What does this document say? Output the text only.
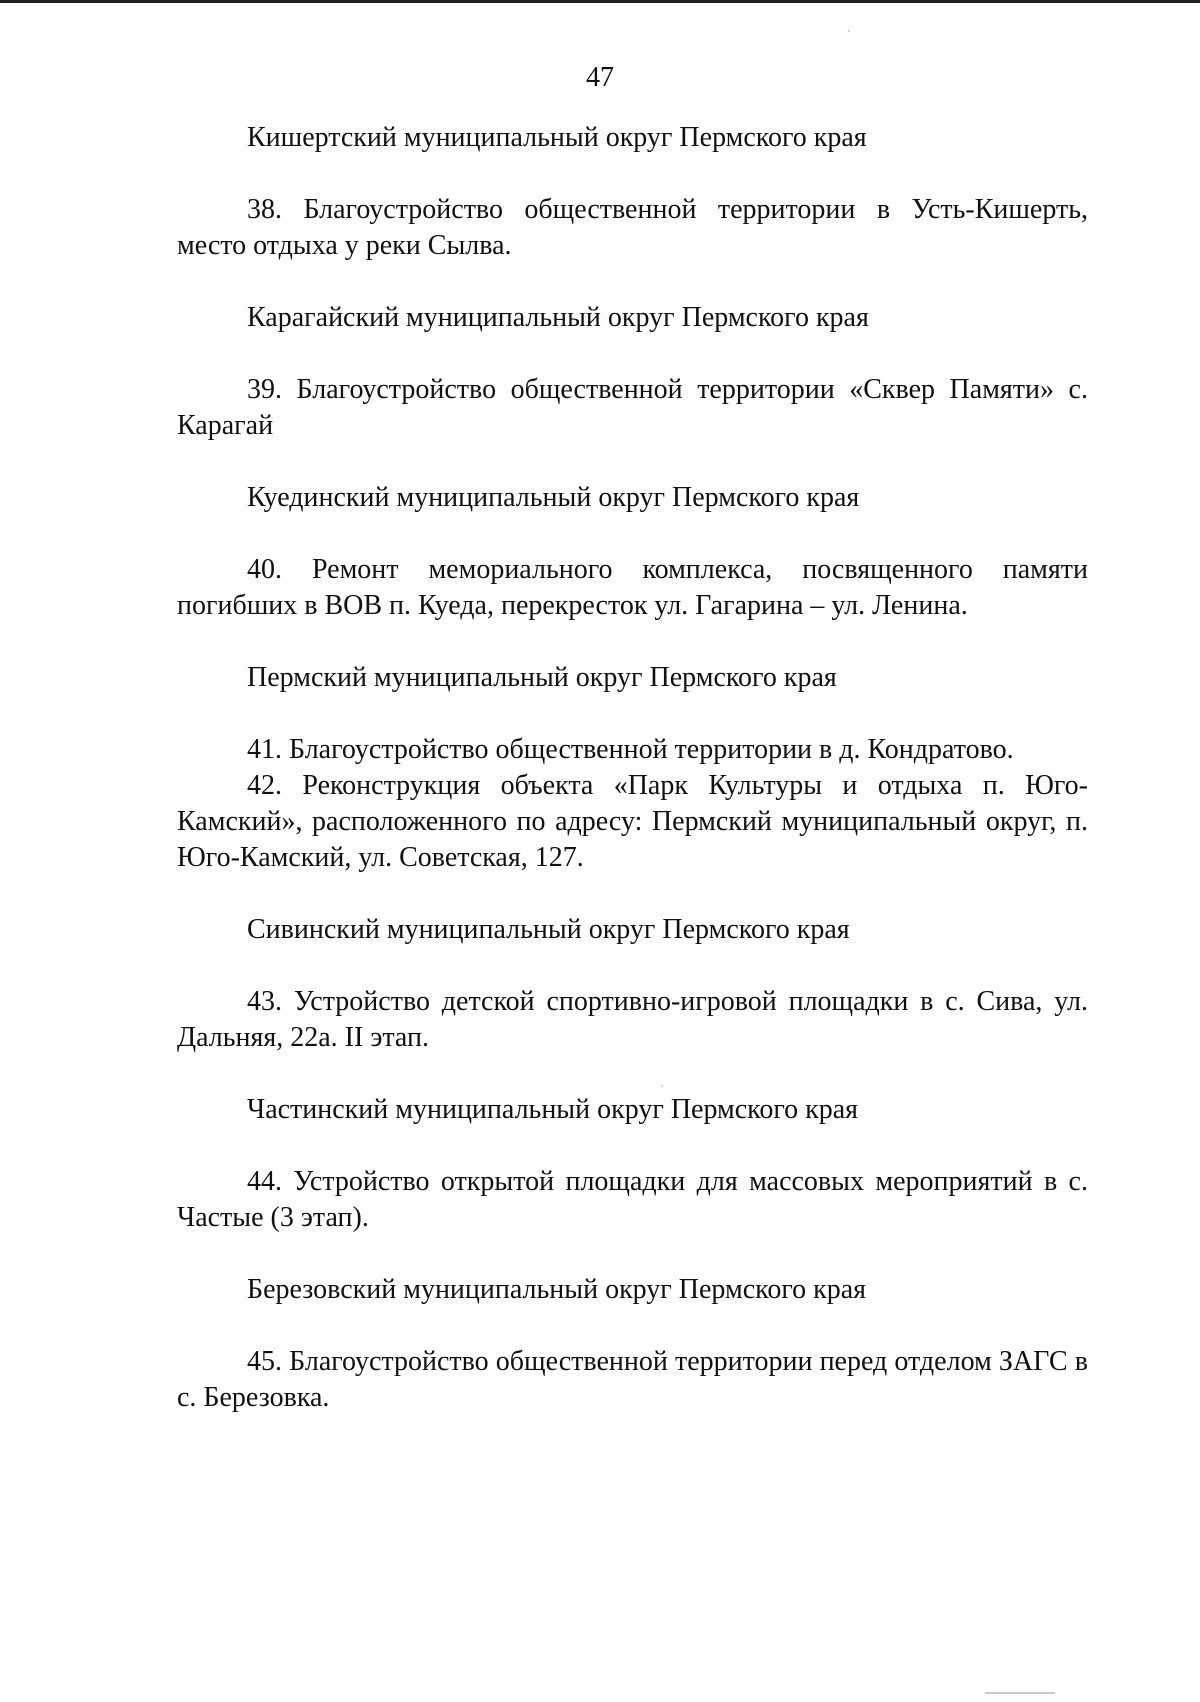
47

Кишертский муниципальный округ Пермского края

38. Благоустройство общественной территории в Усть-Кишерть, место отдыха у реки Сылва.

Карагайский муниципальный округ Пермского края

39. Благоустройство общественной территории «Сквер Памяти» с. Карагай

Куединский муниципальный округ Пермского края

40. Ремонт мемориального комплекса, посвященного памяти погибших в ВОВ п. Куеда, перекресток ул. Гагарина – ул. Ленина.

Пермский муниципальный округ Пермского края

41. Благоустройство общественной территории в д. Кондратово.

42. Реконструкция объекта «Парк Культуры и отдыха п. Юго-Камский», расположенного по адресу: Пермский муниципальный округ, п. Юго-Камский, ул. Советская, 127.

Сивинский муниципальный округ Пермского края

43. Устройство детской спортивно-игровой площадки в с. Сива, ул. Дальняя, 22а. II этап.

Частинский муниципальный округ Пермского края

44. Устройство открытой площадки для массовых мероприятий в с. Частые (3 этап).

Березовский муниципальный округ Пермского края

45. Благоустройство общественной территории перед отделом ЗАГС в с. Березовка.
